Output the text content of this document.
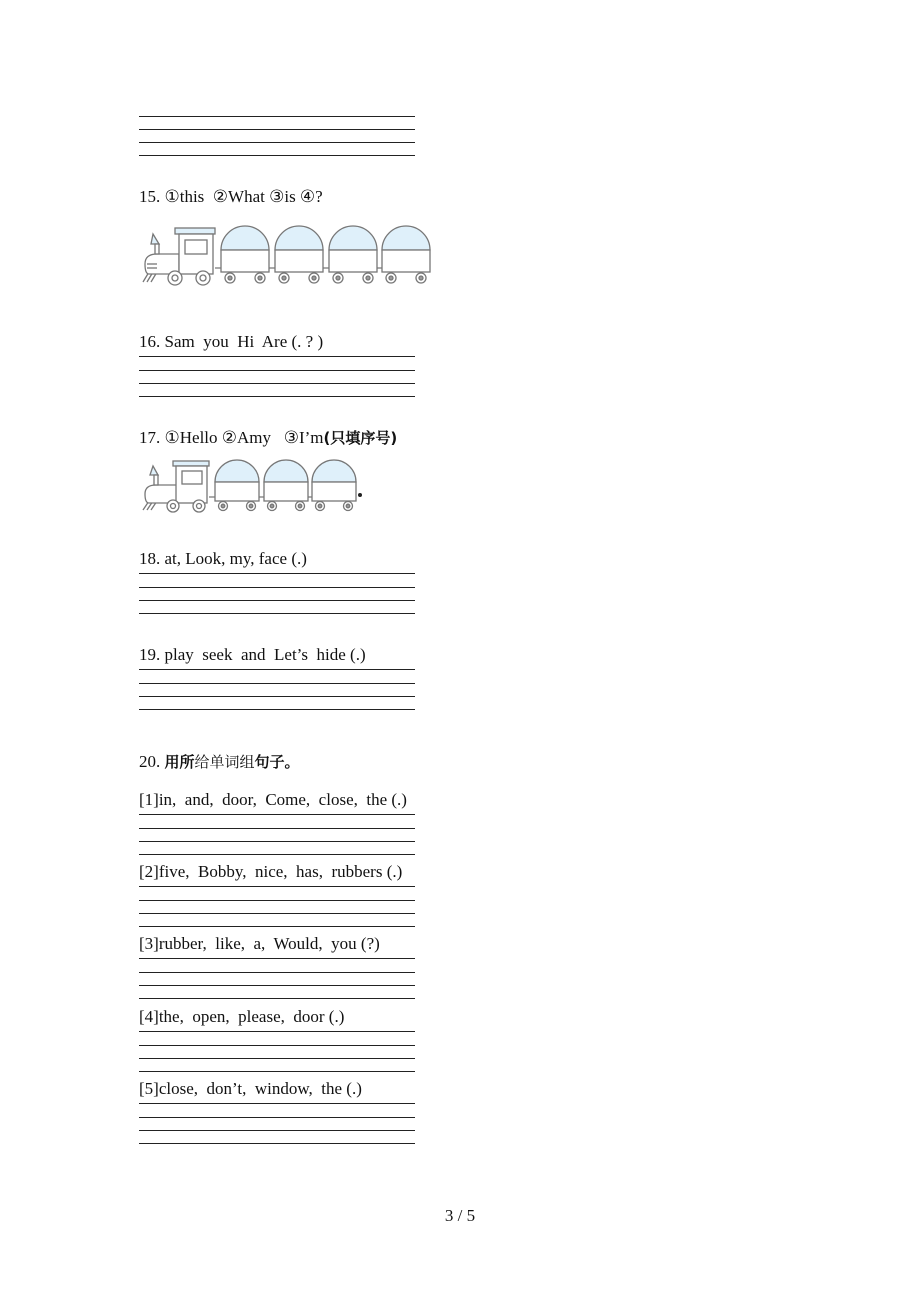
15. ①this  ②What ③is ④?
16. Sam  you  Hi  Are (. ? )
17. ①Hello ②Amy   ③I’m(只填序号)
18. at, Look, my, face (.)
19. play  seek  and  Let’s  hide (.)
20. 用所给单词组句子。
[1]in,  and,  door,  Come,  close,  the (.)
[2]five,  Bobby,  nice,  has,  rubbers (.)
[3]rubber,  like,  a,  Would,  you (?)
[4]the,  open,  please,  door (.)
[5]close,  don’t,  window,  the (.)
3 / 5
